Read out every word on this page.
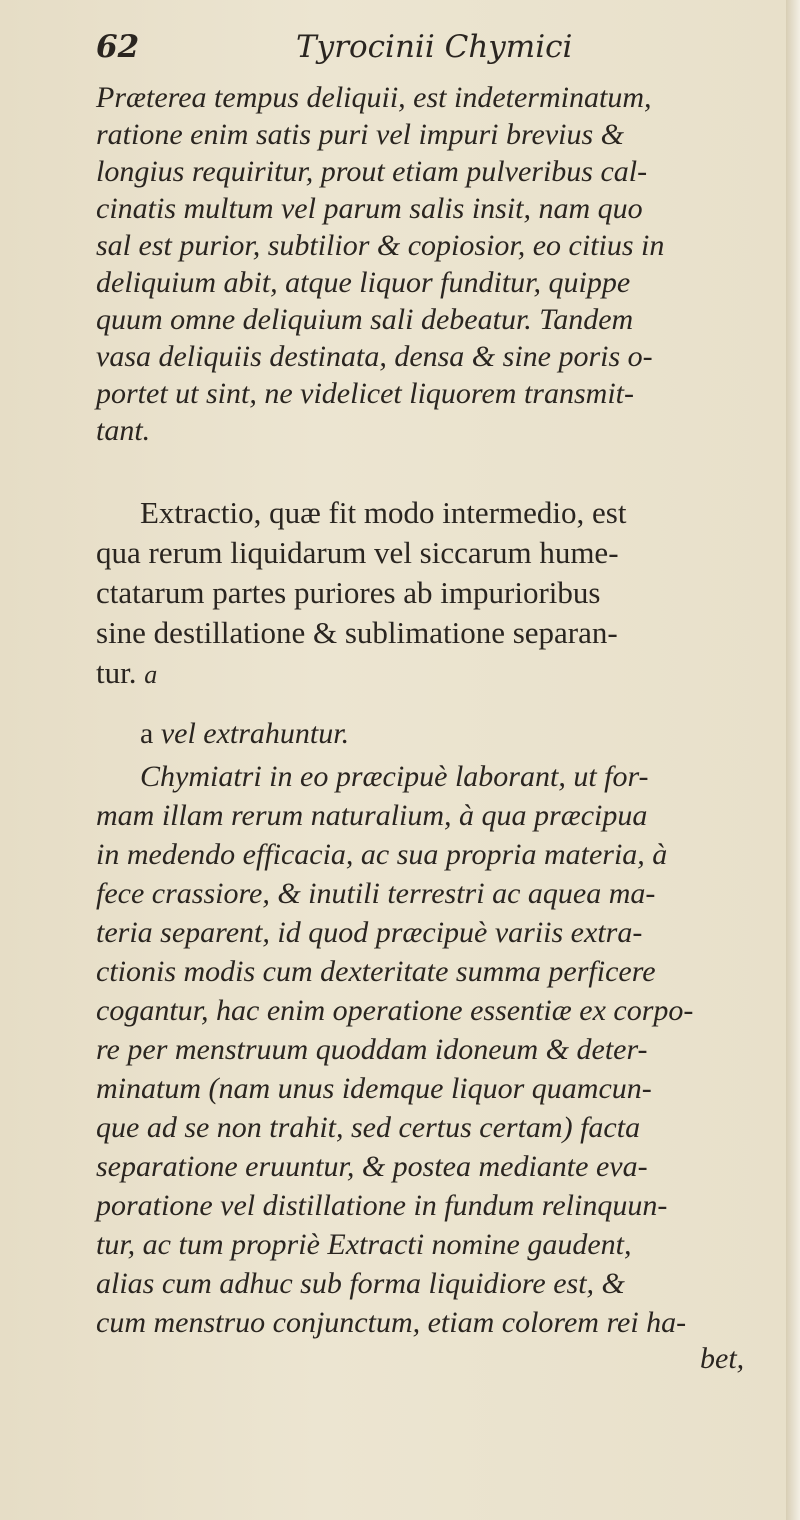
62	Tyrocinii Chymici
Præterea tempus deliquii, est indeterminatum,
ratione enim satis puri vel impuri brevius &
longius requiritur, prout etiam pulveribus cal-
cinatis multum vel parum salis insit, nam quo
sal est purior, subtilior & copiosior, eo citius in
deliquium abit, atque liquor funditur, quippe
quum omne deliquium sali debeatur. Tandem
vasa deliquiis destinata, densa & sine poris o-
portet ut sint, ne videlicet liquorem transmit-
tant.
Extractio, quæ fit modo intermedio, est
qua rerum liquidarum vel siccarum hume-
ctatarum partes puriores ab impurioribus
sine destillatione & sublimatione separan-
tur. a
a vel extrahuntur.
Chymiatri in eo præcipuè laborant, ut for-
mam illam rerum naturalium, à qua præcipua
in medendo efficacia, ac sua propria materia, à
fece crassiore, & inutili terrestri ac aquea ma-
teria separent, id quod præcipuè variis extra-
ctionis modis cum dexteritate summa perficere
cogantur, hac enim operatione essentiæ ex corpo-
re per menstruum quoddam idoneum & deter-
minatum (nam unus idemque liquor quamcun-
que ad se non trahit, sed certus certam) facta
separatione eruuntur, & postea mediante eva-
poratione vel distillatione in fundum relinquun-
tur, ac tum propriè Extracti nomine gaudent,
alias cum adhuc sub forma liquidiore est, &
cum menstruo conjunctum, etiam colorem rei ha-
bet,
